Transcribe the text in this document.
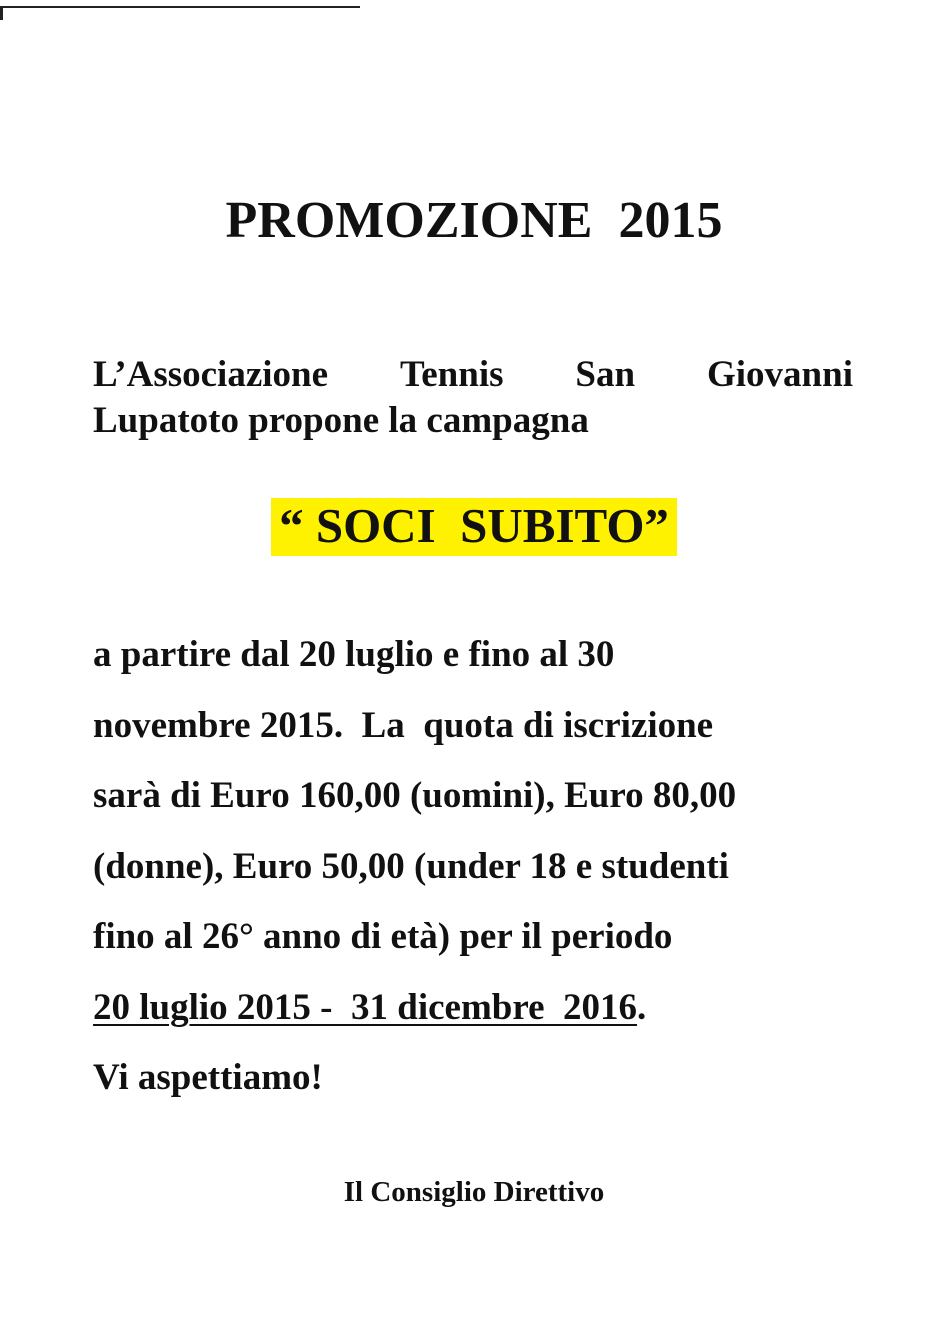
PROMOZIONE  2015
L’Associazione Tennis San Giovanni
Lupatoto propone la campagna
“ SOCI  SUBITO”
a partire dal 20 luglio e fino al 30
novembre 2015.  La  quota di iscrizione
sarà di Euro 160,00 (uomini), Euro 80,00
(donne), Euro 50,00 (under 18 e studenti
fino al 26° anno di età) per il periodo
20 luglio 2015 -  31 dicembre  2016.
Vi aspettiamo!
Il Consiglio Direttivo
